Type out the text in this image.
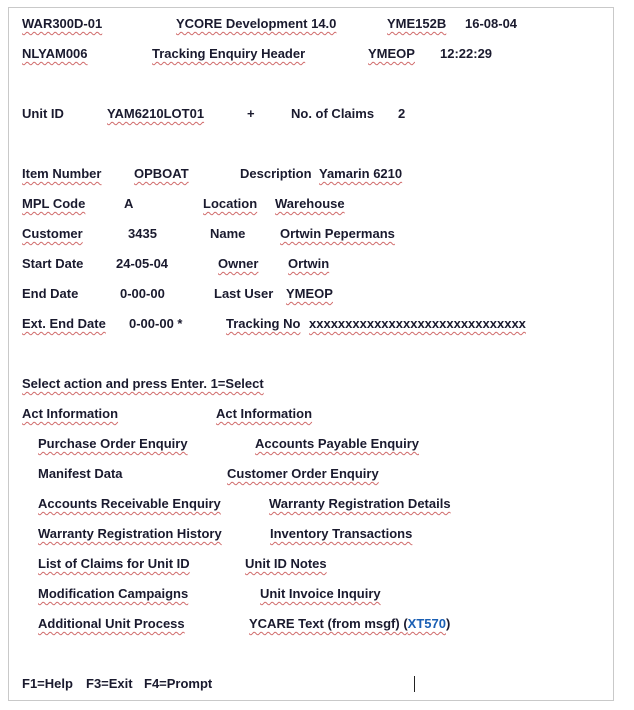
WAR300D-01	YCORE Development 14.0	YME152B 16-08-04
NLYAM006	Tracking Enquiry Header	YMEOP 12:22:29
Unit ID	YAM6210LOT01	+	No. of Claims 2
Item Number	OPBOAT	Description Yamarin 6210
MPL Code	A	Location Warehouse
Customer	3435	Name	Ortwin Pepermans
Start Date	24-05-04	Owner Ortwin
End Date	0-00-00	Last User YMEOP
Ext. End Date 0-00-00 *	Tracking No xxxxxxxxxxxxxxxxxxxxxxxxxxxxxx
Select action and press Enter. 1=Select
Act Information	Act Information
Purchase Order Enquiry
Manifest Data
Accounts Receivable Enquiry
Warranty Registration History
List of Claims for Unit ID
Modification Campaigns
Additional Unit Process
Accounts Payable Enquiry
Customer Order Enquiry
Warranty Registration Details
Inventory Transactions
Unit ID Notes
Unit Invoice Inquiry
YCARE Text (from msgf) (XT570)
F1=Help F3=Exit F4=Prompt
